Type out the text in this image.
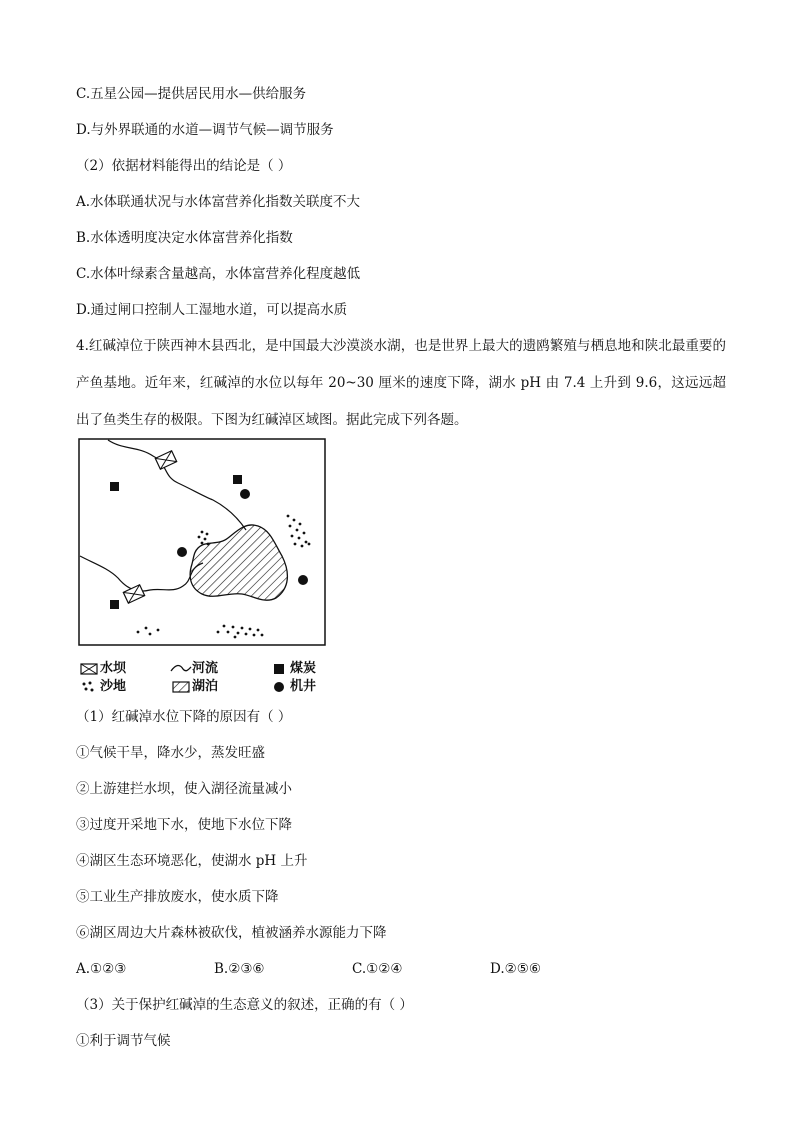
C.五星公园—提供居民用水—供给服务
D.与外界联通的水道—调节气候—调节服务
（2）依据材料能得出的结论是（ ）
A.水体联通状况与水体富营养化指数关联度不大
B.水体透明度决定水体富营养化指数
C.水体叶绿素含量越高，水体富营养化程度越低
D.通过闸口控制人工湿地水道，可以提高水质
4.红碱淖位于陕西神木县西北，是中国最大沙漠淡水湖，也是世界上最大的遗鸥繁殖与栖息地和陕北最重要的产鱼基地。近年来，红碱淖的水位以每年 20~30 厘米的速度下降，湖水 pH 由 7.4 上升到 9.6，这远远超出了鱼类生存的极限。下图为红碱淖区域图。据此完成下列各题。
水坝	河流	煤炭
沙地	湖泊	机井
（1）红碱淖水位下降的原因有（ ）
①气候干旱，降水少，蒸发旺盛
②上游建拦水坝，使入湖径流量减小
③过度开采地下水，使地下水位下降
④湖区生态环境恶化，使湖水 pH 上升
⑤工业生产排放废水，使水质下降
⑥湖区周边大片森林被砍伐，植被涵养水源能力下降
A.①②③	B.②③⑥	C.①②④	D.②⑤⑥
（3）关于保护红碱淖的生态意义的叙述，正确的有（ ）
①利于调节气候
